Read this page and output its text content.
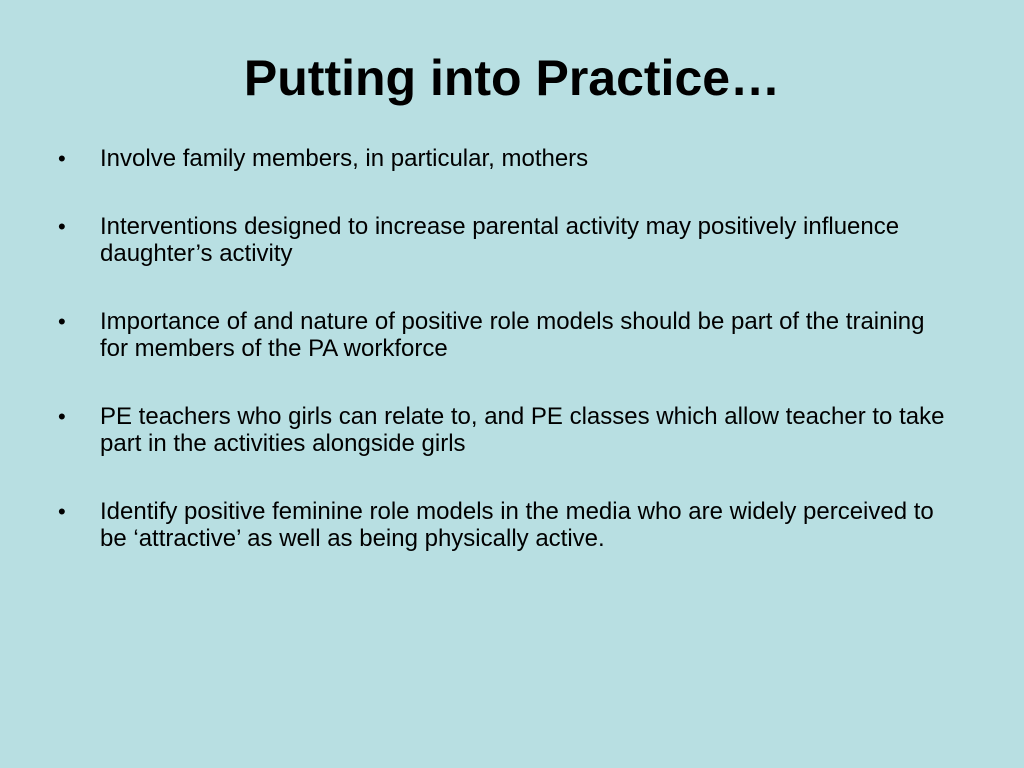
Putting into Practice…
• Involve family members, in particular, mothers
• Interventions designed to increase parental activity may positively influence daughter’s activity
• Importance of and nature of positive role models should be part of the training for members of the PA workforce
• PE teachers who girls can relate to, and PE classes which allow teacher to take part in the activities alongside girls
• Identify positive feminine role models in the media who are widely perceived to be ‘attractive’ as well as being physically active.
